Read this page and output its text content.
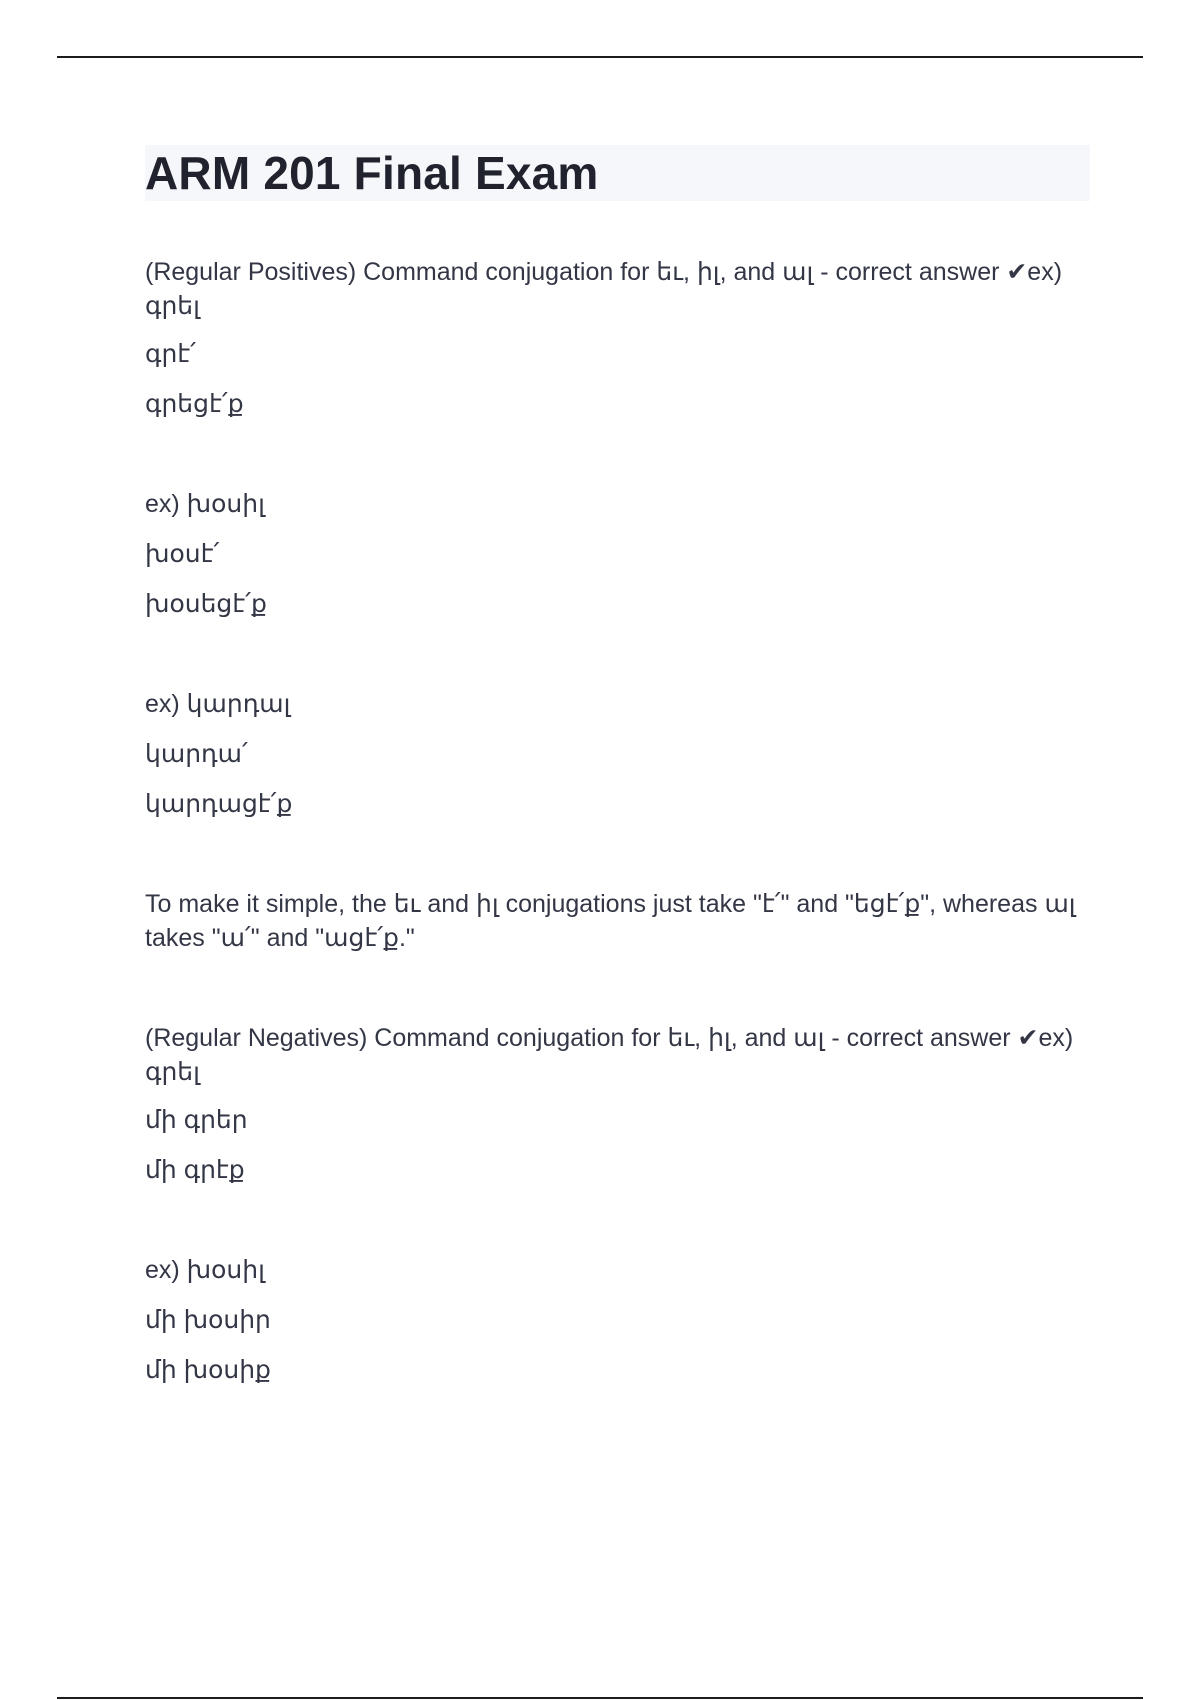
ARM 201 Final Exam

(Regular Positives) Command conjugation for եւ, իլ, and ալ - correct answer ✔ex) գրել

գրէ՛

գրեցէ՛ք

ex) խօսիլ

խօսէ՛

խօսեցէ՛ք

ex) կարդալ

կարդա՛

կարդացէ՛ք

To make it simple, the եւ and իլ conjugations just take "է՛" and "եցէ՛ք", whereas ալ takes "ա՛" and "ացէ՛ք."

(Regular Negatives) Command conjugation for եւ, իլ, and ալ - correct answer ✔ex) գրել

մի գրեր

մի գրէք

ex) խօսիլ

մի խօսիր

մի խօսիք
